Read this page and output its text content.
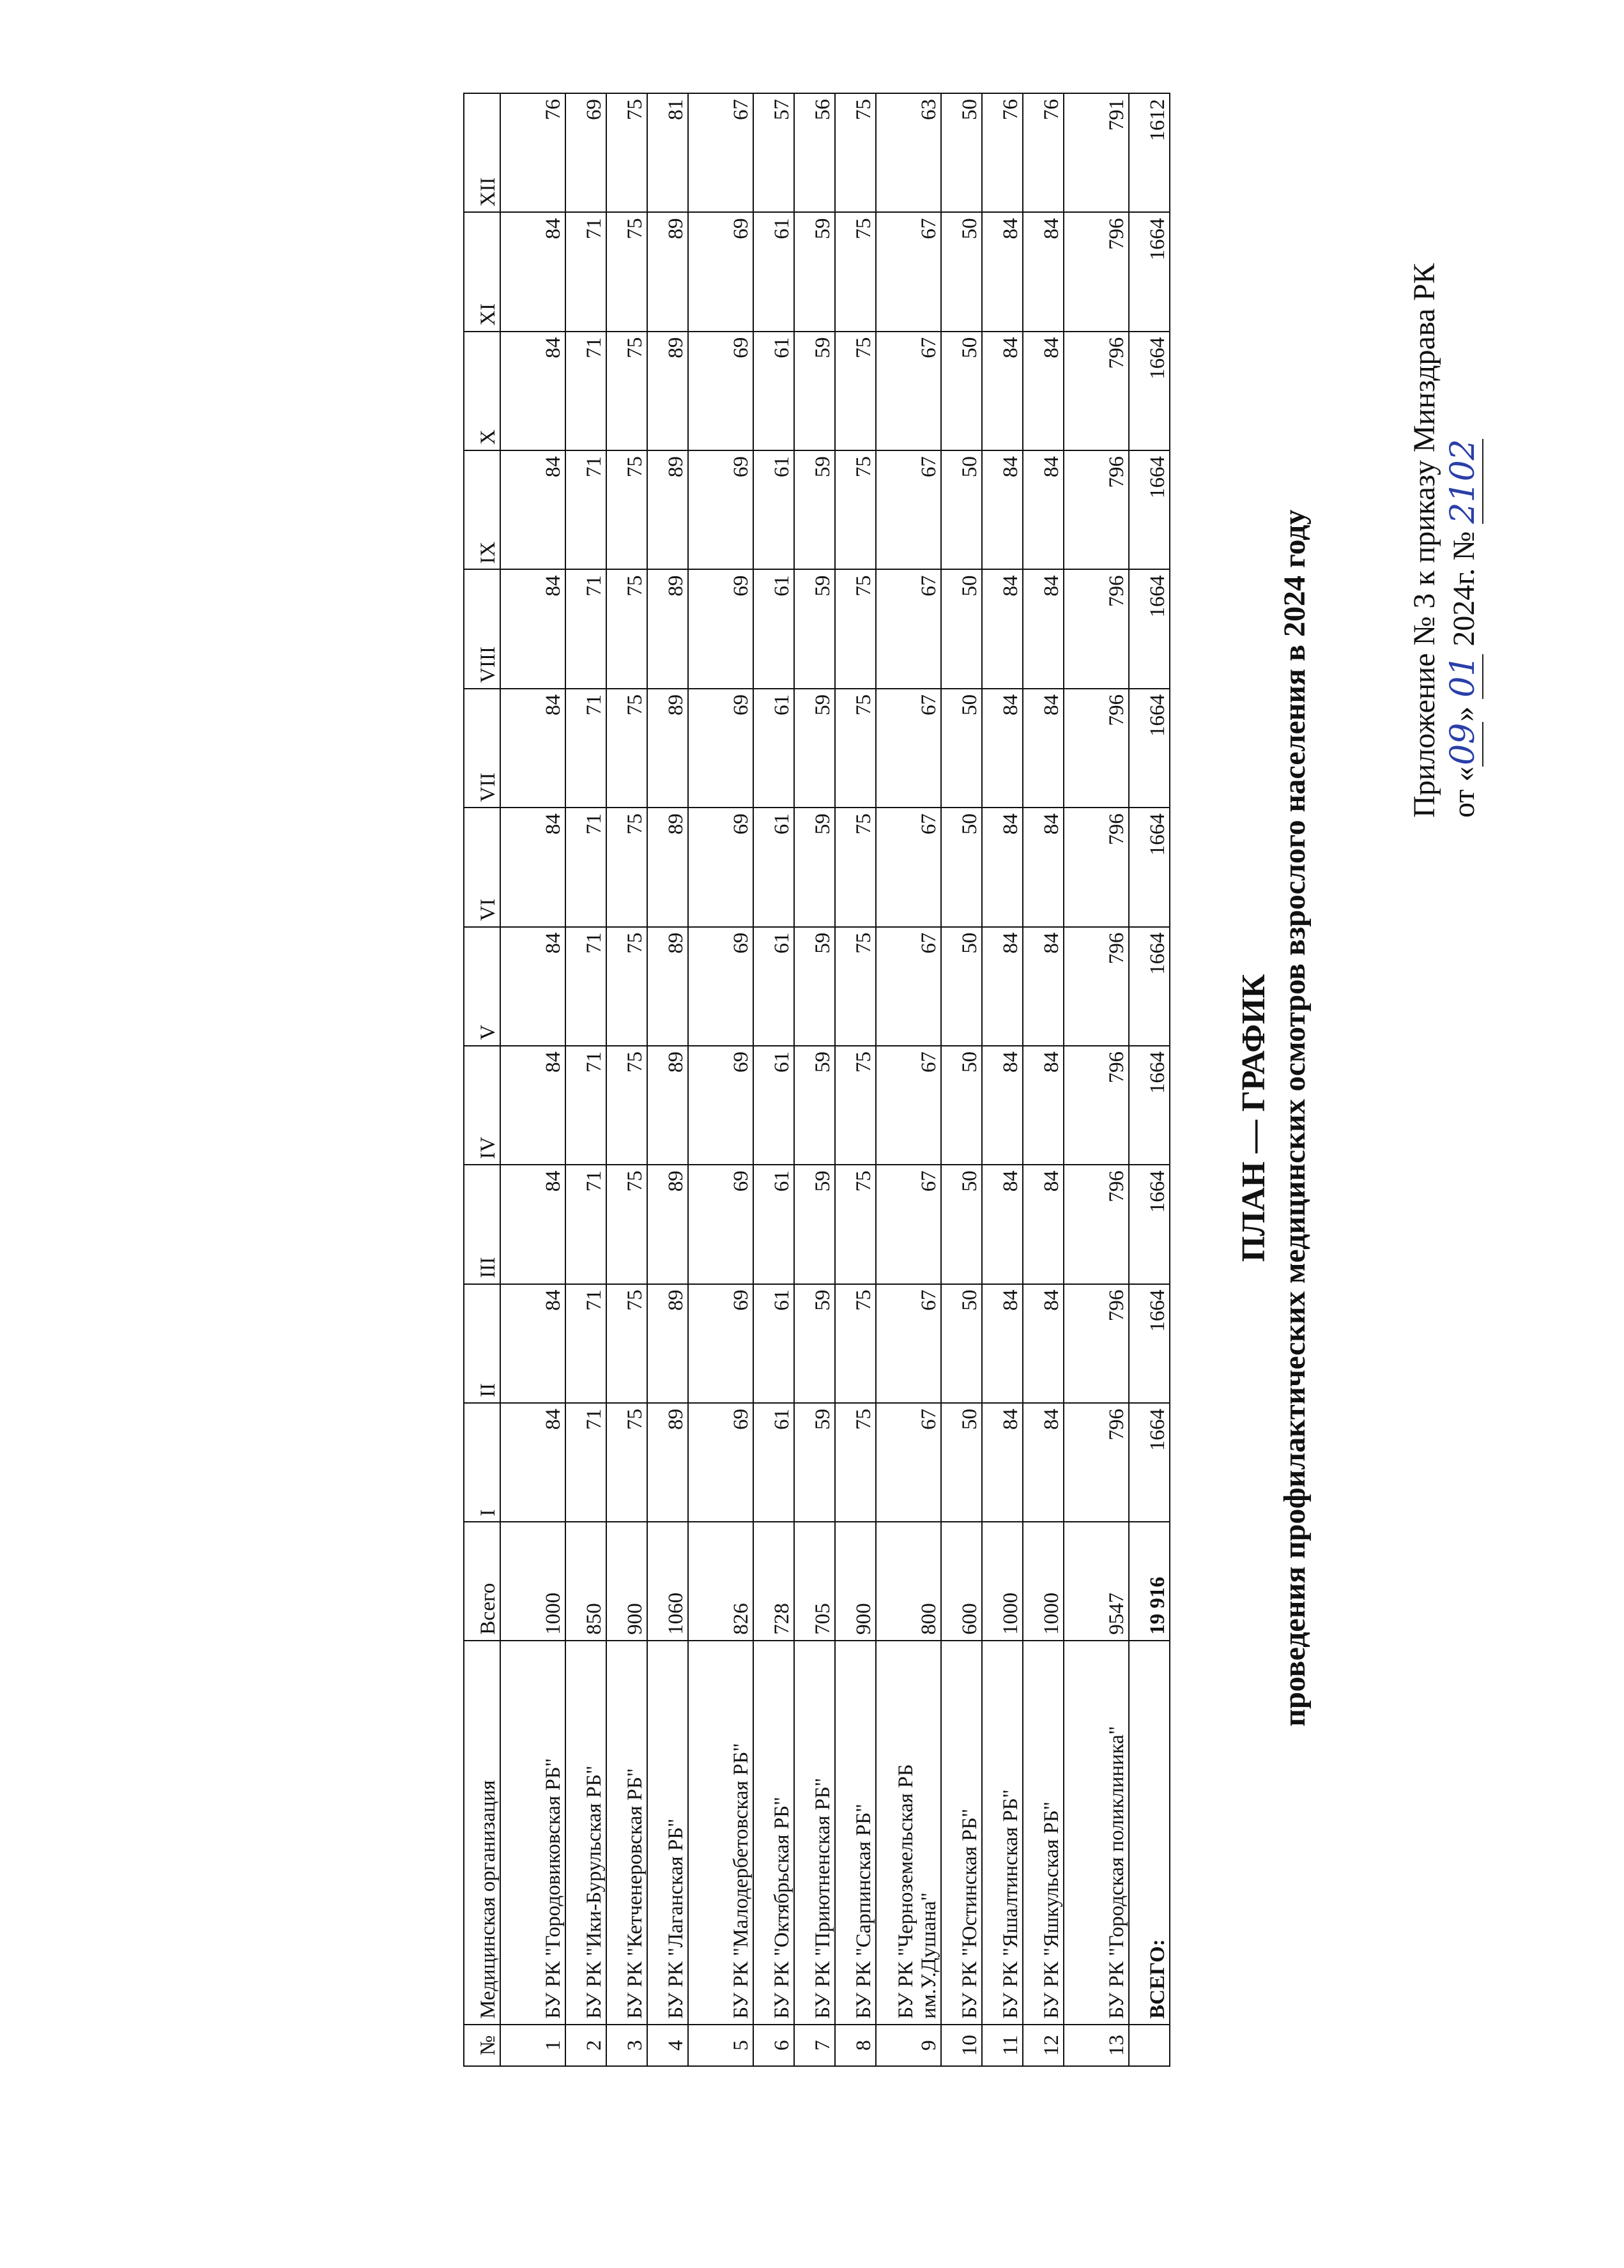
Приложение № 3 к приказу Минздрава РК от «09» 01 2024г. № 2102
ПЛАН — ГРАФИК проведения профилактических медицинских осмотров взрослого населения в 2024 году
№	Медицинская организация	Всего	I	II	III	IV	V	VI	VII	VIII	IX	X	XI	XII
1	БУ РК "Городовиковская РБ"	1000	84	84	84	84	84	84	84	84	84	84	84	76
2	БУ РК "Ики-Бурульская РБ"	850	71	71	71	71	71	71	71	71	71	71	71	69
3	БУ РК "Кетченеровская РБ"	900	75	75	75	75	75	75	75	75	75	75	75	75
4	БУ РК "Лаганская РБ"	1060	89	89	89	89	89	89	89	89	89	89	89	81
5	БУ РК "Малодербетовская РБ"	826	69	69	69	69	69	69	69	69	69	69	69	67
6	БУ РК "Октябрьская РБ"	728	61	61	61	61	61	61	61	61	61	61	61	57
7	БУ РК "Приютненская РБ"	705	59	59	59	59	59	59	59	59	59	59	59	56
8	БУ РК "Сарпинская РБ"	900	75	75	75	75	75	75	75	75	75	75	75	75
9	БУ РК "Черноземельская РБ им.У.Душана"	800	67	67	67	67	67	67	67	67	67	67	67	63
10	БУ РК "Юстинская РБ"	600	50	50	50	50	50	50	50	50	50	50	50	50
11	БУ РК "Яшалтинская РБ"	1000	84	84	84	84	84	84	84	84	84	84	84	76
12	БУ РК "Яшкульская РБ"	1000	84	84	84	84	84	84	84	84	84	84	84	76
13	БУ РК "Городская поликлиника"	9547	796	796	796	796	796	796	796	796	796	796	796	791
	ВСЕГО:	19 916	1664	1664	1664	1664	1664	1664	1664	1664	1664	1664	1664	1612
